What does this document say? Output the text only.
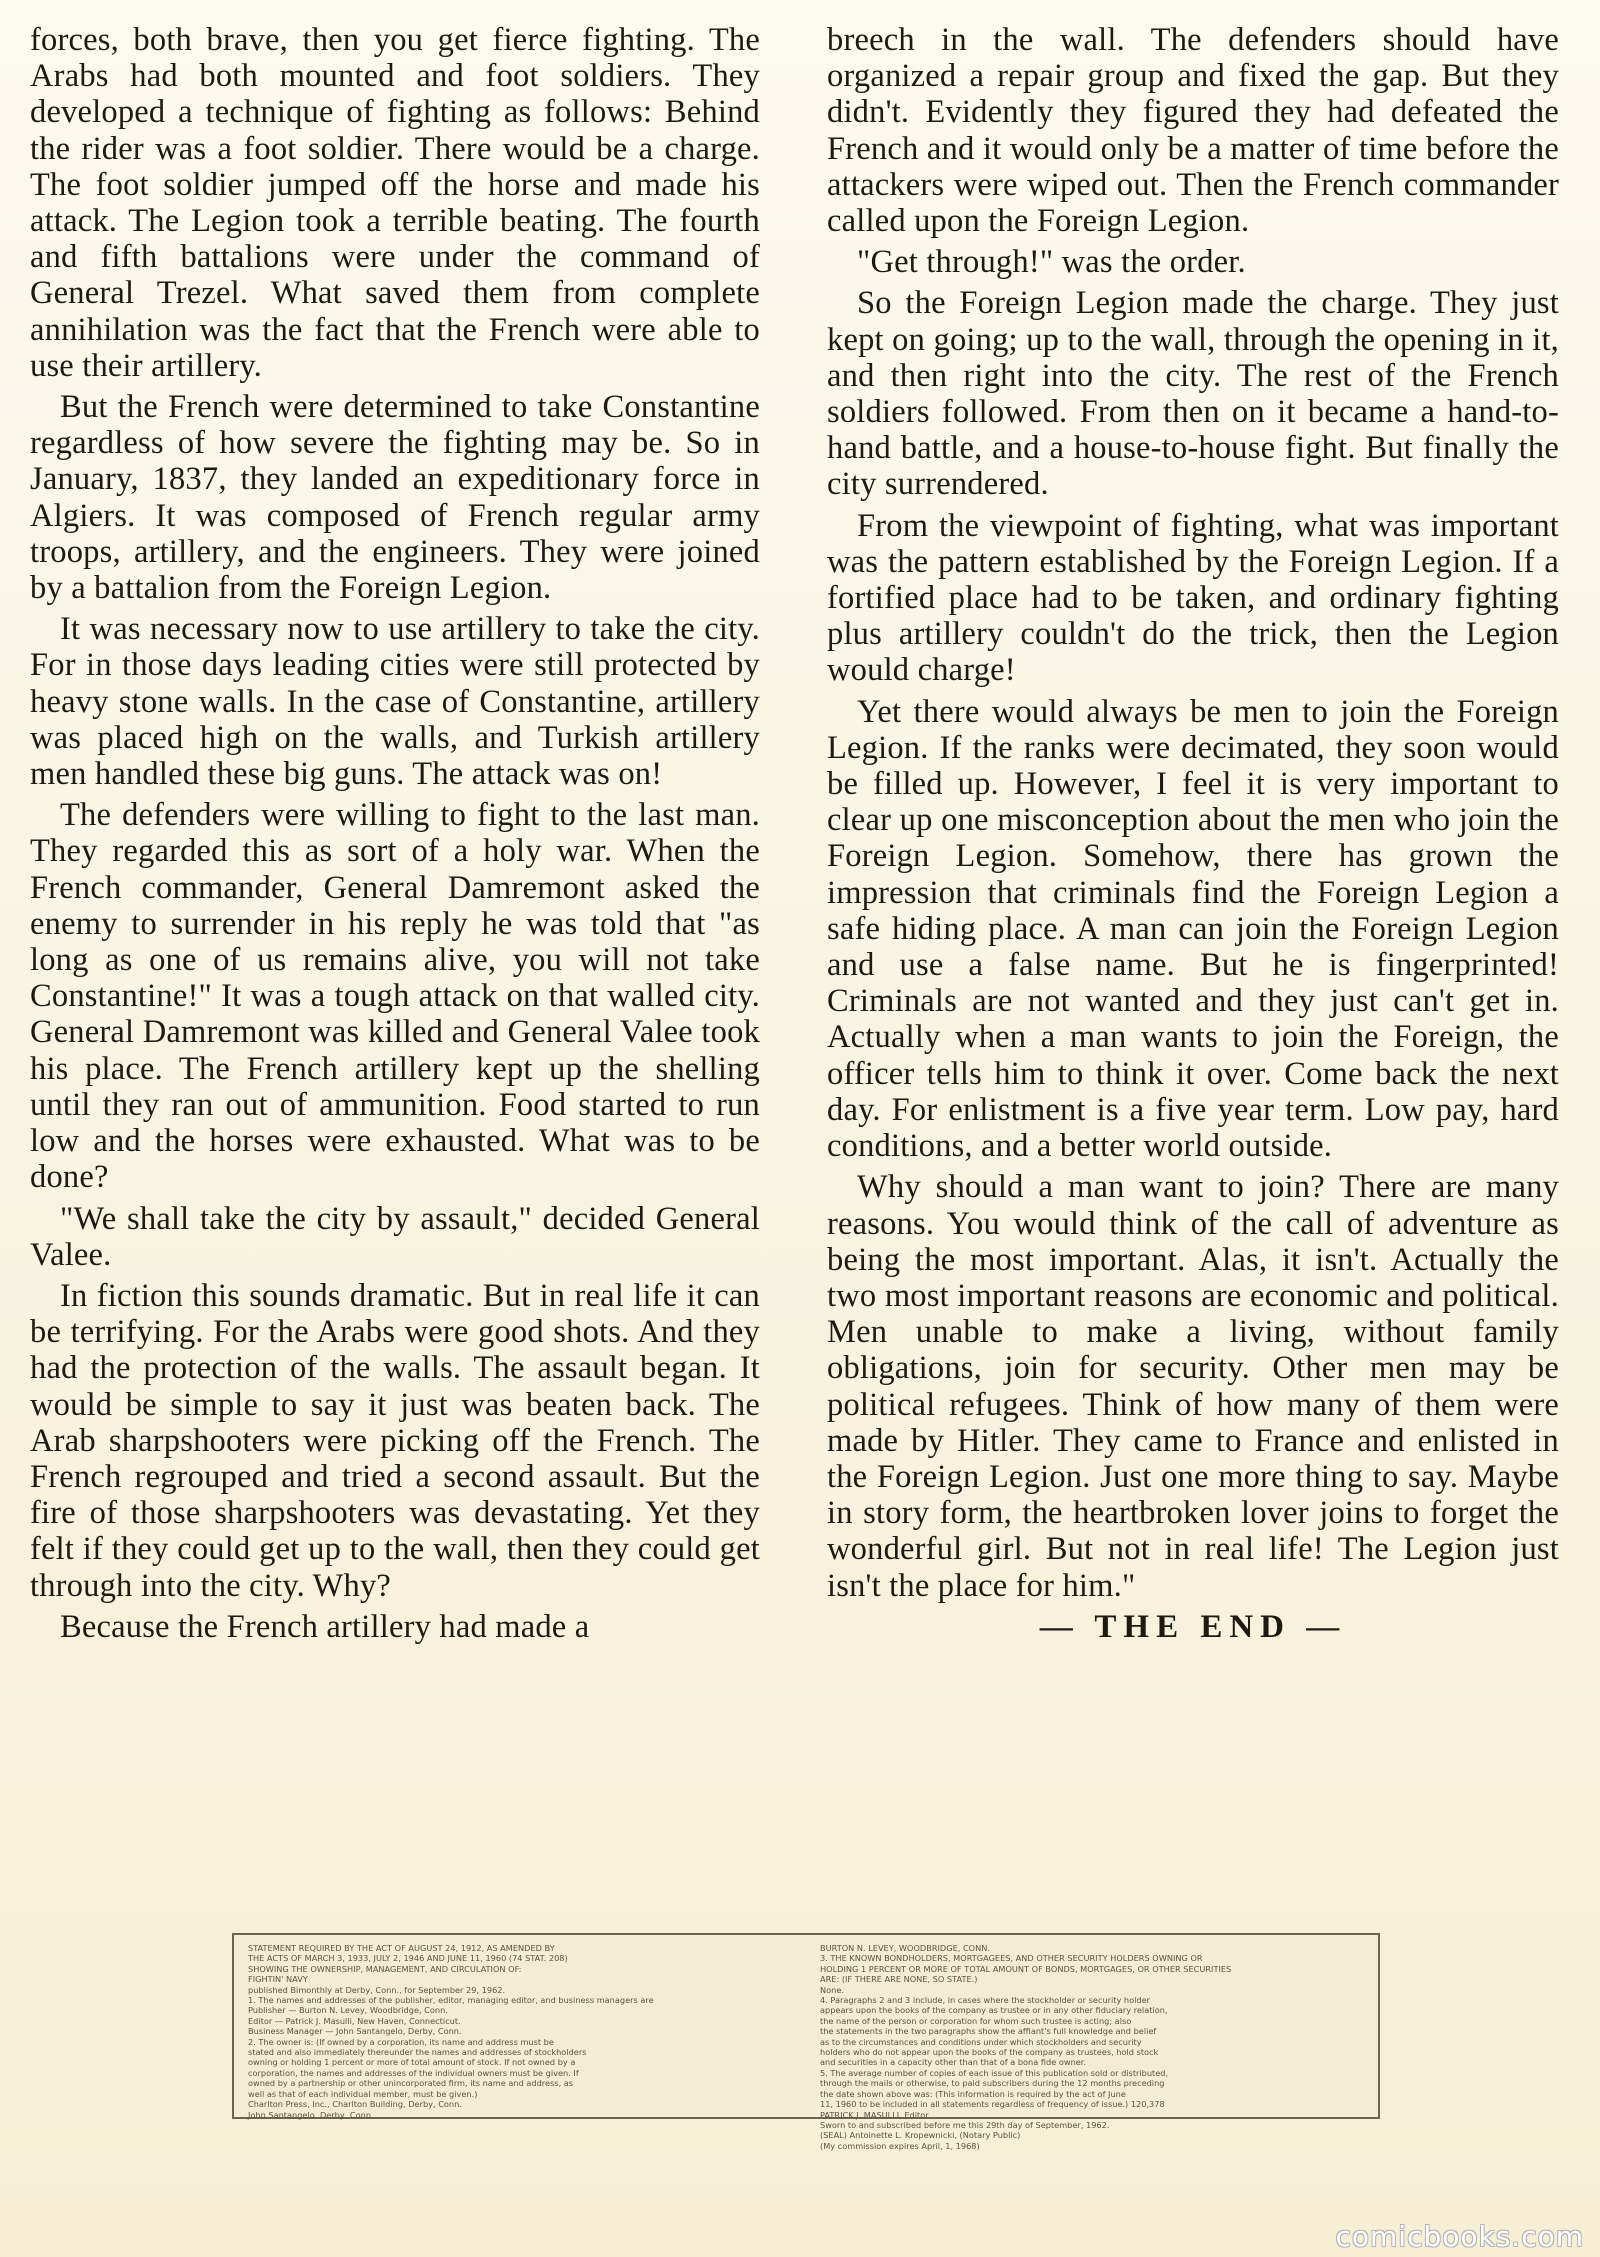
forces, both brave, then you get fierce fighting. The Arabs had both mounted and foot soldiers. They developed a technique of fighting as follows: Behind the rider was a foot soldier. There would be a charge. The foot soldier jumped off the horse and made his attack. The Legion took a terrible beating. The fourth and fifth battalions were under the command of General Trezel. What saved them from complete annihilation was the fact that the French were able to use their artillery.

But the French were determined to take Constantine regardless of how severe the fighting may be. So in January, 1837, they landed an expeditionary force in Algiers. It was composed of French regular army troops, artillery, and the engineers. They were joined by a battalion from the Foreign Legion.

It was necessary now to use artillery to take the city. For in those days leading cities were still protected by heavy stone walls. In the case of Constantine, artillery was placed high on the walls, and Turkish artillery men handled these big guns. The attack was on!

The defenders were willing to fight to the last man. They regarded this as sort of a holy war. When the French commander, General Damremont asked the enemy to surrender in his reply he was told that "as long as one of us remains alive, you will not take Constantine!" It was a tough attack on that walled city. General Damremont was killed and General Valee took his place. The French artillery kept up the shelling until they ran out of ammunition. Food started to run low and the horses were exhausted. What was to be done?

"We shall take the city by assault," decided General Valee.

In fiction this sounds dramatic. But in real life it can be terrifying. For the Arabs were good shots. And they had the protection of the walls. The assault began. It would be simple to say it just was beaten back. The Arab sharpshooters were picking off the French. The French regrouped and tried a second assault. But the fire of those sharpshooters was devastating. Yet they felt if they could get up to the wall, then they could get through into the city. Why?

Because the French artillery had made a

breech in the wall. The defenders should have organized a repair group and fixed the gap. But they didn't. Evidently they figured they had defeated the French and it would only be a matter of time before the attackers were wiped out. Then the French commander called upon the Foreign Legion.

"Get through!" was the order.

So the Foreign Legion made the charge. They just kept on going; up to the wall, through the opening in it, and then right into the city. The rest of the French soldiers followed. From then on it became a hand-to-hand battle, and a house-to-house fight. But finally the city surrendered.

From the viewpoint of fighting, what was important was the pattern established by the Foreign Legion. If a fortified place had to be taken, and ordinary fighting plus artillery couldn't do the trick, then the Legion would charge!

Yet there would always be men to join the Foreign Legion. If the ranks were decimated, they soon would be filled up. However, I feel it is very important to clear up one misconception about the men who join the Foreign Legion. Somehow, there has grown the impression that criminals find the Foreign Legion a safe hiding place. A man can join the Foreign Legion and use a false name. But he is fingerprinted! Criminals are not wanted and they just can't get in. Actually when a man wants to join the Foreign, the officer tells him to think it over. Come back the next day. For enlistment is a five year term. Low pay, hard conditions, and a better world outside.

Why should a man want to join? There are many reasons. You would think of the call of adventure as being the most important. Alas, it isn't. Actually the two most important reasons are economic and political. Men unable to make a living, without family obligations, join for security. Other men may be political refugees. Think of how many of them were made by Hitler. They came to France and enlisted in the Foreign Legion. Just one more thing to say. Maybe in story form, the heartbroken lover joins to forget the wonderful girl. But not in real life! The Legion just isn't the place for him."

— THE END —
STATEMENT REQUIRED BY THE ACT OF AUGUST 24, 1912, AS AMENDED BY
THE ACTS OF MARCH 3, 1933, JULY 2, 1946 AND JUNE 11, 1960 (74 STAT. 208)
SHOWING THE OWNERSHIP, MANAGEMENT, AND CIRCULATION OF:
FIGHTIN' NAVY
published Bimonthly at Derby, Conn., for September 29, 1962.
1. The names and addresses of the publisher, editor, managing editor, and business managers are
Publisher — Burton N. Levey, Woodbridge, Conn.
Editor — Patrick J. Masulli, New Haven, Connecticut.
Business Manager — John Santangelo, Derby, Conn.
2. The owner is: (If owned by a corporation, its name and address must be
stated and also immediately thereunder the names and addresses of stockholders
owning or holding 1 percent or more of total amount of stock. If not owned by a
corporation, the names and addresses of the individual owners must be given. If
owned by a partnership or other unincorporated firm, its name and address, as
well as that of each individual member, must be given.)
Charlton Press, Inc., Charlton Building, Derby, Conn.
John Santangelo, Derby, Conn.
BURTON N. LEVEY, WOODBRIDGE, CONN.
3. THE KNOWN BONDHOLDERS, MORTGAGEES, AND OTHER SECURITY HOLDERS OWNING OR
HOLDING 1 PERCENT OR MORE OF TOTAL AMOUNT OF BONDS, MORTGAGES, OR OTHER SECURITIES
ARE: (IF THERE ARE NONE, SO STATE.)
None.
4. Paragraphs 2 and 3 include, in cases where the stockholder or security holder
appears upon the books of the company as trustee or in any other fiduciary relation,
the name of the person or corporation for whom such trustee is acting; also
the statements in the two paragraphs show the affiant's full knowledge and belief
as to the circumstances and conditions under which stockholders and security
holders who do not appear upon the books of the company as trustees, hold stock
and securities in a capacity other than that of a bona fide owner.
5. The average number of copies of each issue of this publication sold or distributed,
through the mails or otherwise, to paid subscribers during the 12 months preceding
the date shown above was: (This information is required by the act of June
11, 1960 to be included in all statements regardless of frequency of issue.) 120,378
PATRICK J. MASULLI, Editor
Sworn to and subscribed before me this 29th day of September, 1962.
(SEAL) Antoinette L. Kropewnicki, (Notary Public)
(My commission expires April, 1, 1968)
comicbooks.com
